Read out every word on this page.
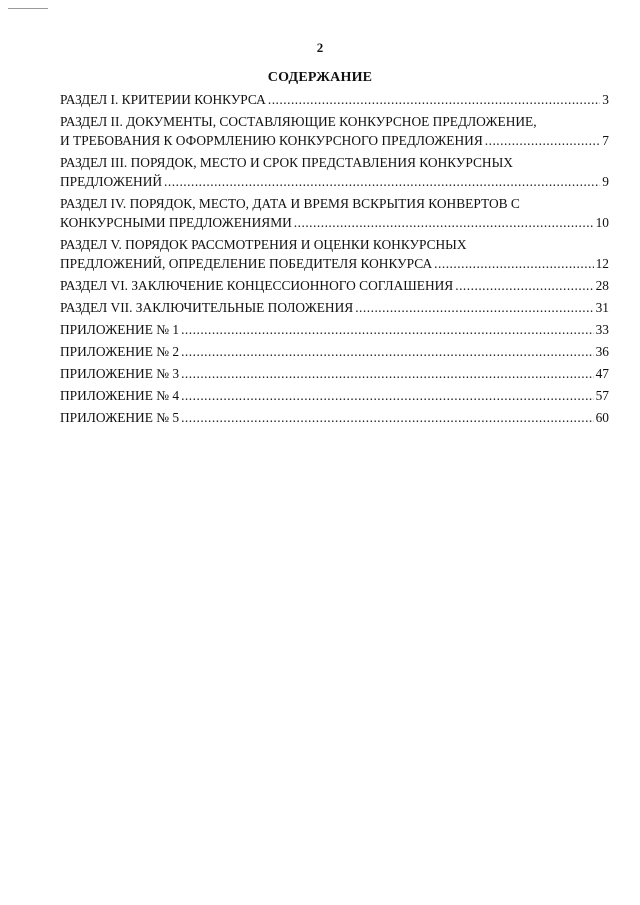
2
СОДЕРЖАНИЕ
РАЗДЕЛ I. КРИТЕРИИ КОНКУРСА .....	3
РАЗДЕЛ II. ДОКУМЕНТЫ, СОСТАВЛЯЮЩИЕ КОНКУРСНОЕ ПРЕДЛОЖЕНИЕ,
И ТРЕБОВАНИЯ К ОФОРМЛЕНИЮ КОНКУРСНОГО ПРЕДЛОЖЕНИЯ .....	7
РАЗДЕЛ III. ПОРЯДОК, МЕСТО И СРОК ПРЕДСТАВЛЕНИЯ КОНКУРСНЫХ
ПРЕДЛОЖЕНИЙ .....	9
РАЗДЕЛ IV. ПОРЯДОК, МЕСТО, ДАТА И ВРЕМЯ ВСКРЫТИЯ КОНВЕРТОВ С
КОНКУРСНЫМИ ПРЕДЛОЖЕНИЯМИ .....	10
РАЗДЕЛ V. ПОРЯДОК РАССМОТРЕНИЯ И ОЦЕНКИ КОНКУРСНЫХ
ПРЕДЛОЖЕНИЙ, ОПРЕДЕЛЕНИЕ ПОБЕДИТЕЛЯ КОНКУРСА .....	12
РАЗДЕЛ VI. ЗАКЛЮЧЕНИЕ КОНЦЕССИОННОГО СОГЛАШЕНИЯ .....	28
РАЗДЕЛ VII. ЗАКЛЮЧИТЕЛЬНЫЕ ПОЛОЖЕНИЯ .....	31
ПРИЛОЖЕНИЕ № 1 .....	33
ПРИЛОЖЕНИЕ № 2 .....	36
ПРИЛОЖЕНИЕ № 3 .....	47
ПРИЛОЖЕНИЕ № 4 .....	57
ПРИЛОЖЕНИЕ № 5 .....	60
